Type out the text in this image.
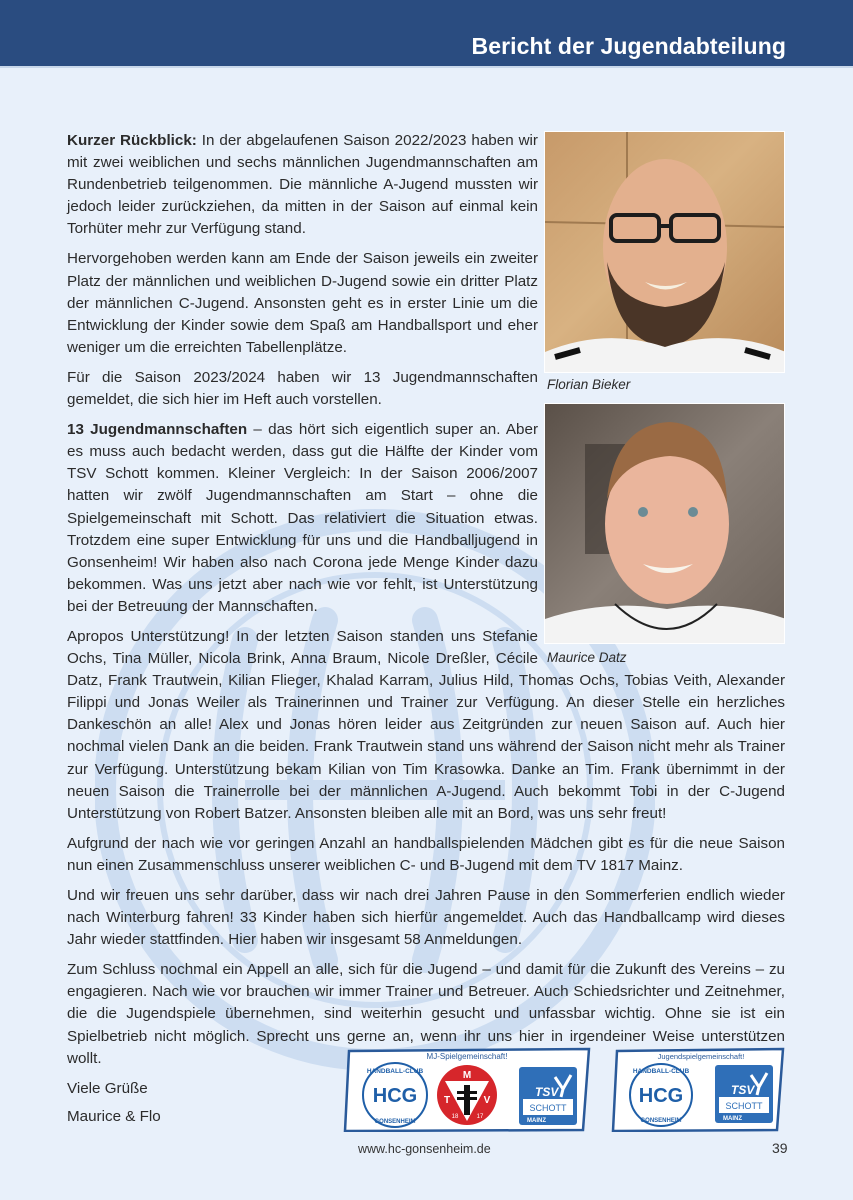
Bericht der Jugendabteilung
Florian Bieker
Maurice Datz

Kurzer Rückblick: In der abgelaufenen Saison 2022/2023 haben wir mit zwei weiblichen und sechs männlichen Jugendmannschaften am Rundenbetrieb teilgenommen. Die männliche A-Jugend mussten wir jedoch leider zurückziehen, da mitten in der Saison auf einmal kein Torhüter mehr zur Verfügung stand.

Hervorgehoben werden kann am Ende der Saison jeweils ein zweiter Platz der männlichen und weiblichen D-Jugend sowie ein dritter Platz der männlichen C-Jugend. Ansonsten geht es in erster Linie um die Entwicklung der Kinder sowie dem Spaß am Handballsport und eher weniger um die erreichten Tabellenplätze.

Für die Saison 2023/2024 haben wir 13 Jugendmannschaften gemeldet, die sich hier im Heft auch vorstellen.

13 Jugendmannschaften – das hört sich eigentlich super an. Aber es muss auch bedacht werden, dass gut die Hälfte der Kinder vom TSV Schott kommen. Kleiner Vergleich: In der Saison 2006/2007 hatten wir zwölf Jugendmannschaften am Start – ohne die Spielgemeinschaft mit Schott. Das relativiert die Situation etwas. Trotzdem eine super Entwicklung für uns und die Handballjugend in Gonsenheim! Wir haben also nach Corona jede Menge Kinder dazu bekommen. Was uns jetzt aber nach wie vor fehlt, ist Unterstützung bei der Betreuung der Mannschaften.

Apropos Unterstützung! In der letzten Saison standen uns Stefanie Ochs, Tina Müller, Nicola Brink, Anna Braum, Nicole Dreßler, Cécile Datz, Frank Trautwein, Kilian Flieger, Khalad Karram, Julius Hild, Thomas Ochs, Tobias Veith, Alexander Filippi und Jonas Weiler als Trainerinnen und Trainer zur Verfügung. An dieser Stelle ein herzliches Dankeschön an alle! Alex und Jonas hören leider aus Zeitgründen zur neuen Saison auf. Auch hier nochmal vielen Dank an die beiden. Frank Trautwein stand uns während der Saison nicht mehr als Trainer zur Verfügung. Unterstützung bekam Kilian von Tim Krasowka. Danke an Tim. Frank übernimmt in der neuen Saison die Trainerrolle bei der männlichen A-Jugend. Auch bekommt Tobi in der C-Jugend Unterstützung von Robert Batzer. Ansonsten bleiben alle mit an Bord, was uns sehr freut!

Aufgrund der nach wie vor geringen Anzahl an handballspielenden Mädchen gibt es für die neue Saison nun einen Zusammenschluss unserer weiblichen C- und B-Jugend mit dem TV 1817 Mainz.

Und wir freuen uns sehr darüber, dass wir nach drei Jahren Pause in den Sommerferien endlich wieder nach Winterburg fahren! 33 Kinder haben sich hierfür angemeldet. Auch das Handballcamp wird dieses Jahr wieder stattfinden. Hier haben wir insgesamt 58 Anmeldungen.

Zum Schluss nochmal ein Appell an alle, sich für die Jugend – und damit für die Zukunft des Vereins – zu engagieren. Nach wie vor brauchen wir immer Trainer und Betreuer. Auch Schiedsrichter und Zeitnehmer, die die Jugendspiele übernehmen, sind weiterhin gesucht und unfassbar wichtig. Ohne sie ist ein Spielbetrieb nicht möglich. Sprecht uns gerne an, wenn ihr uns hier in irgendeiner Weise unterstützen wollt.

Viele Grüße
Maurice & Flo
MJ-Spielgemeinschaft!
HANDBALL-CLUB
HCG
GONSENHEIM
M
T	V
18	17
TSV
SCHOTT
MAINZ
Jugendspielgemeinschaft!
HANDBALL-CLUB
HCG
GONSENHEIM
TSV
SCHOTT
MAINZ
www.hc-gonsenheim.de	39
